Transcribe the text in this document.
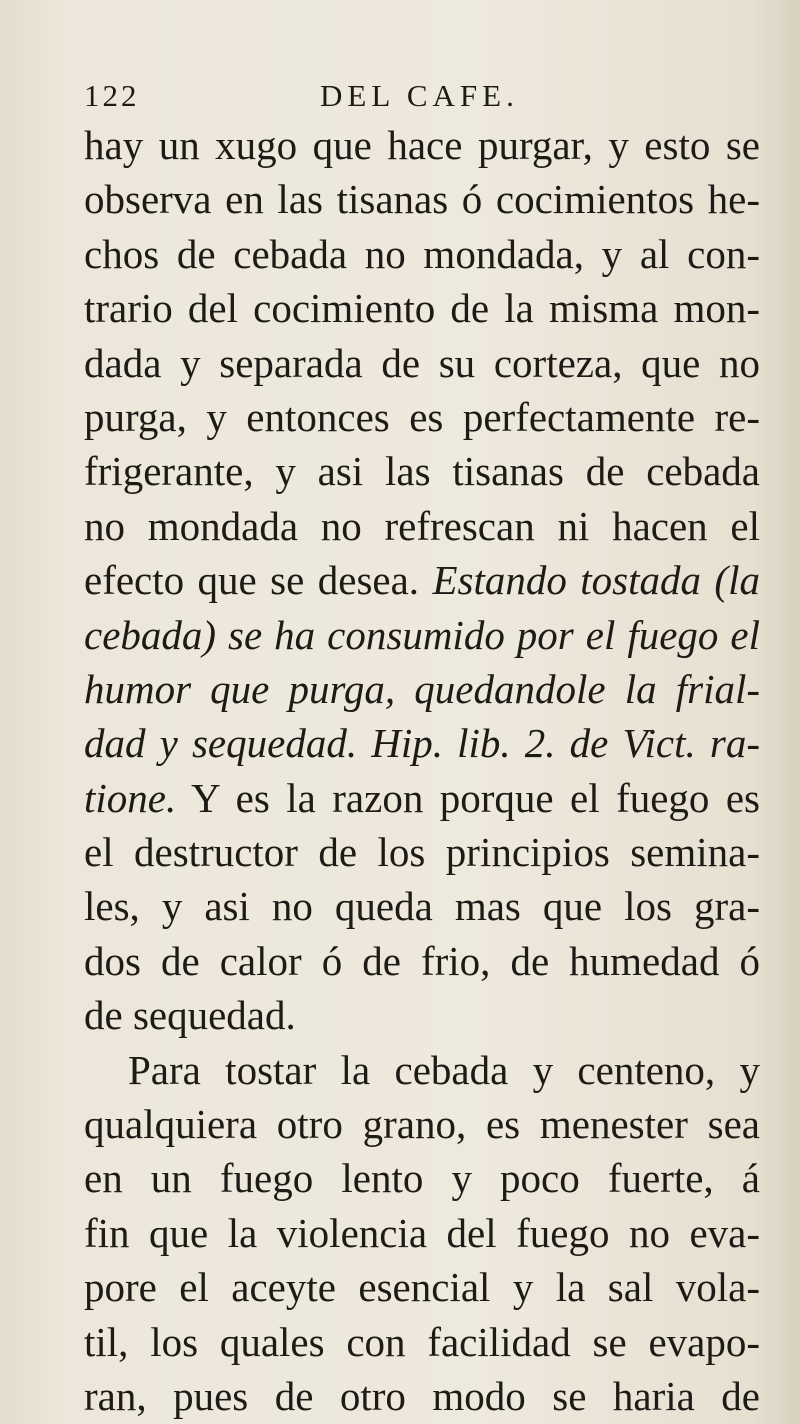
122	DEL CAFE.
hay un xugo que hace purgar, y esto se
observa en las tisanas ó cocimientos he-
chos de cebada no mondada, y al con-
trario del cocimiento de la misma mon-
dada y separada de su corteza, que no
purga, y entonces es perfectamente re-
frigerante, y asi las tisanas de cebada
no mondada no refrescan ni hacen el
efecto que se desea. Estando tostada (la
cebada) se ha consumido por el fuego el
humor que purga, quedandole la frial-
dad y sequedad. Hip. lib. 2. de Vict. ra-
tione. Y es la razon porque el fuego es
el destructor de los principios semina-
les, y asi no queda mas que los gra-
dos de calor ó de frio, de humedad ó
de sequedad.
Para tostar la cebada y centeno, y
qualquiera otro grano, es menester sea
en un fuego lento y poco fuerte, á
fin que la violencia del fuego no eva-
pore el aceyte esencial y la sal vola-
til, los quales con facilidad se evapo-
ran, pues de otro modo se haria de
